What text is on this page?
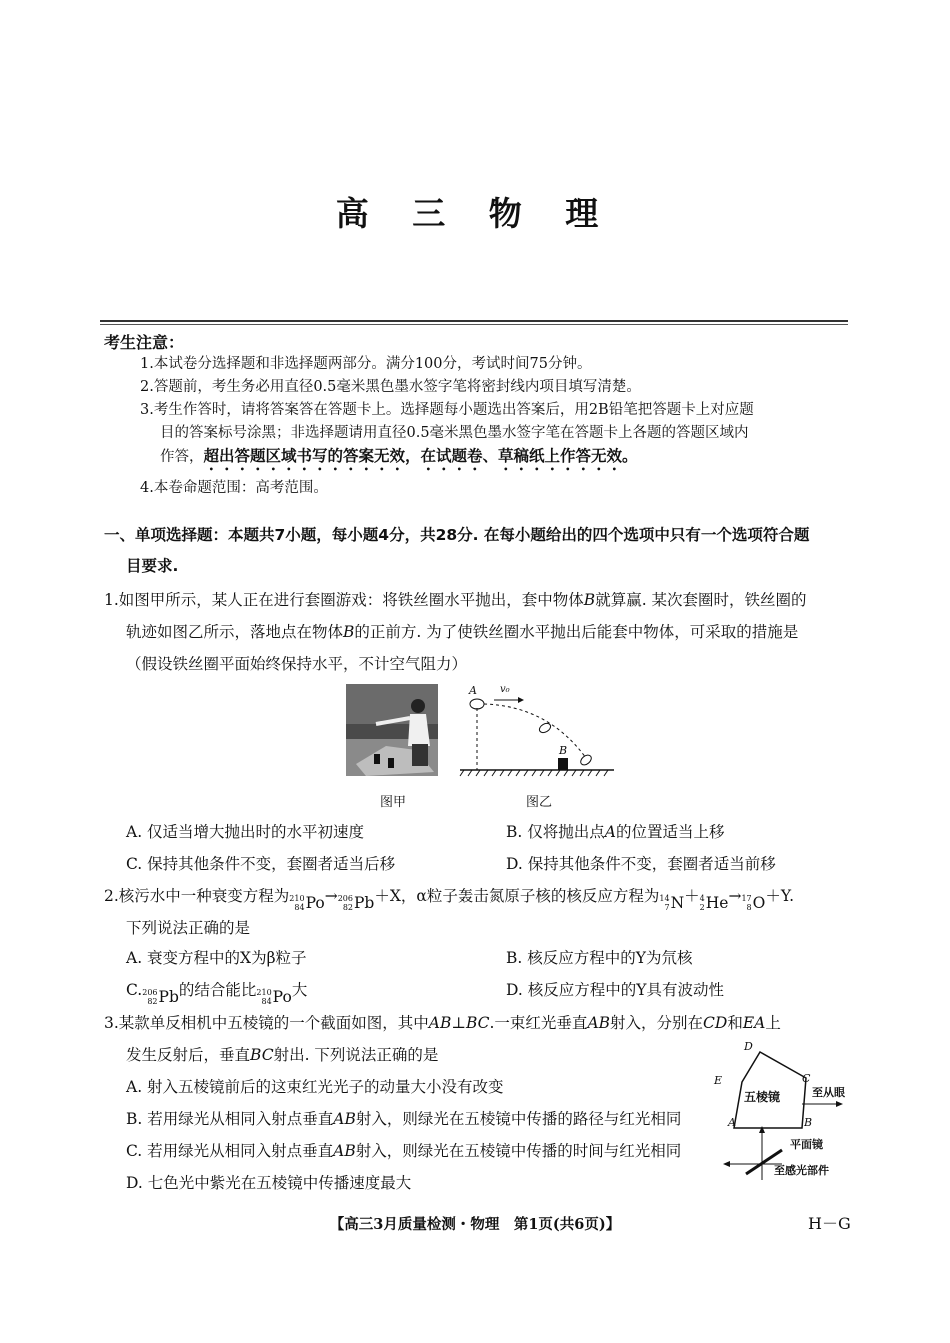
高 三 物 理
考生注意：
1.本试卷分选择题和非选择题两部分。满分100分，考试时间75分钟。
2.答题前，考生务必用直径0.5毫米黑色墨水签字笔将密封线内项目填写清楚。
3.考生作答时，请将答案答在答题卡上。选择题每小题选出答案后，用2B铅笔把答题卡上对应题
目的答案标号涂黑；非选择题请用直径0.5毫米黑色墨水签字笔在答题卡上各题的答题区域内
作答，超出答题区域书写的答案无效，在试题卷、草稿纸上作答无效。
4.本卷命题范围：高考范围。
一、单项选择题：本题共7小题，每小题4分，共28分. 在每小题给出的四个选项中只有一个选项符合题
目要求.
1.如图甲所示，某人正在进行套圈游戏：将铁丝圈水平抛出，套中物体B就算赢. 某次套圈时，铁丝圈的
轨迹如图乙所示，落地点在物体B的正前方. 为了使铁丝圈水平抛出后能套中物体，可采取的措施是
（假设铁丝圈平面始终保持水平，不计空气阻力）
A v₀
B
图甲	图乙
A. 仅适当增大抛出时的水平初速度	B. 仅将抛出点A的位置适当上移
C. 保持其他条件不变，套圈者适当后移	D. 保持其他条件不变，套圈者适当前移
2.核污水中一种衰变方程为 210
84 Po → 206
82 Pb ＋X，α粒子轰击氮原子核的核反应方程为 14
7 N ＋ 4
2 He → 17
8 O ＋Y.
下列说法正确的是
A. 衰变方程中的X为β粒子	B. 核反应方程中的Y为氘核
C. 206
82 Pb 的结合能比 210
84 Po 大	D. 核反应方程中的Y具有波动性
3.某款单反相机中五棱镜的一个截面如图，其中AB⊥BC.一束红光垂直AB射入，分别在CD和EA上
发生反射后，垂直BC射出. 下列说法正确的是
A. 射入五棱镜前后的这束红光光子的动量大小没有改变
B. 若用绿光从相同入射点垂直AB射入，则绿光在五棱镜中传播的路径与红光相同
C. 若用绿光从相同入射点垂直AB射入，则绿光在五棱镜中传播的时间与红光相同
D. 七色光中紫光在五棱镜中传播速度最大
D
E	C
A	B
五棱镜	至从眼
平面镜
至感光部件
【高三3月质量检测・物理　第1页(共6页)】	H－G
